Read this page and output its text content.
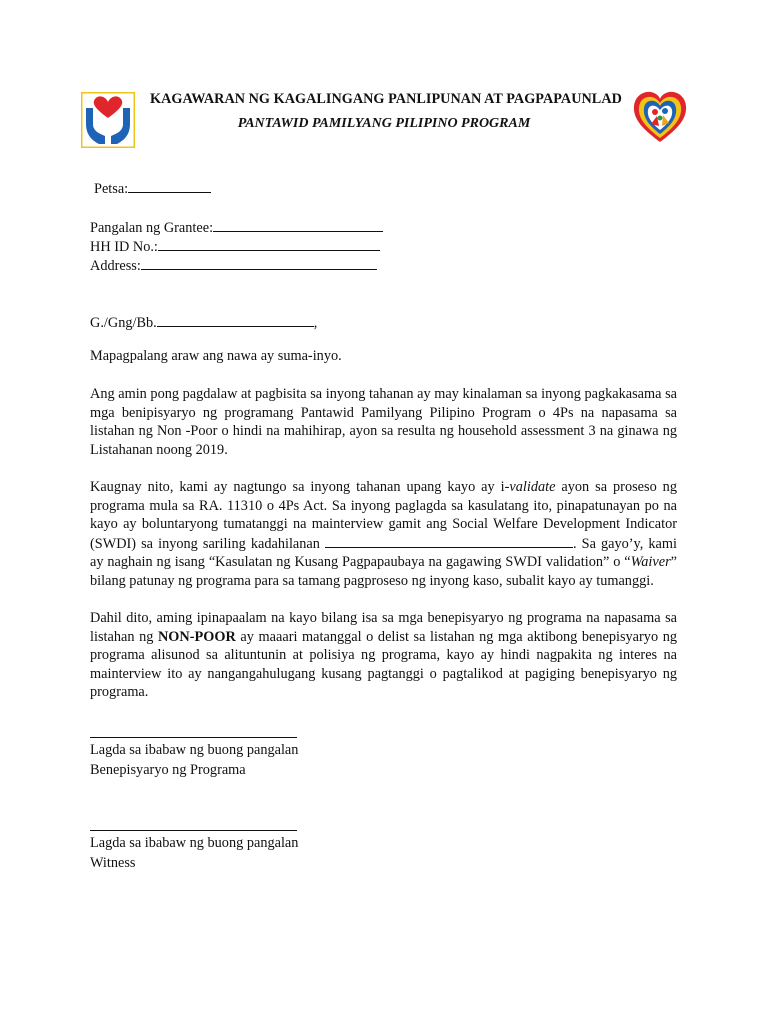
KAGAWARAN NG KAGALINGANG PANLIPUNAN AT PAGPAPAUNLAD
PANTAWID PAMILYANG PILIPINO PROGRAM
Petsa:
Pangalan ng Grantee:
HH ID No.:
Address:
G./Gng/Bb.	,
Mapagpalang araw ang nawa ay suma-inyo.

Ang amin pong pagdalaw at pagbisita sa inyong tahanan ay may kinalaman sa inyong pagkakasama sa mga benipisyaryo ng programang Pantawid Pamilyang Pilipino Program o 4Ps na napasama sa listahan ng Non -Poor o hindi na mahihirap, ayon sa resulta ng household assessment 3 na ginawa ng Listahanan noong 2019.

Kaugnay nito, kami ay nagtungo sa inyong tahanan upang kayo ay i-validate ayon sa proseso ng programa mula sa RA. 11310 o 4Ps Act. Sa inyong paglagda sa kasulatang ito, pinapatunayan po na kayo ay boluntaryong tumatanggi na mainterview gamit ang Social Welfare Development Indicator (SWDI) sa inyong sariling kadahilanan	. Sa gayo’y, kami ay naghain ng isang “Kasulatan ng Kusang Pagpapaubaya na gagawing SWDI validation” o “Waiver” bilang patunay ng programa para sa tamang pagproseso ng inyong kaso, subalit kayo ay tumanggi.

Dahil dito, aming ipinapaalam na kayo bilang isa sa mga benepisyaryo ng programa na napasama sa listahan ng NON-POOR ay maaari matanggal o delist sa listahan ng mga aktibong benepisyaryo ng programa alisunod sa alituntunin at polisiya ng programa, kayo ay hindi nagpakita ng interes na mainterview ito ay nangangahulugang kusang pagtanggi o pagtalikod at pagiging benepisyaryo ng programa.

Lagda sa ibabaw ng buong pangalan
Benepisyaryo ng Programa
Lagda sa ibabaw ng buong pangalan
Witness
